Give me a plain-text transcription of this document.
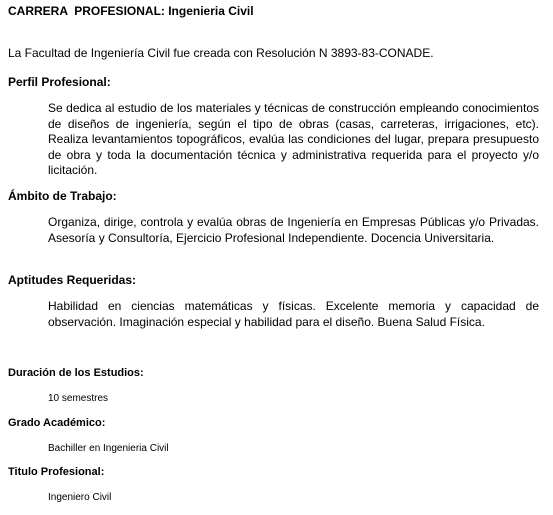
CARRERA  PROFESIONAL: Ingenieria Civil
La Facultad de Ingeniería Civil fue creada con Resolución N 3893-83-CONADE.
Perfil Profesional:
Se dedica al estudio de los materiales y técnicas de construcción empleando conocimientos de diseños de ingeniería, según el tipo de obras (casas, carreteras, irrigaciones, etc). Realiza levantamientos topográficos, evalúa las condiciones del lugar, prepara presupuesto de obra y toda la documentación técnica y administrativa requerida para el proyecto y/o licitación.
Ámbito de Trabajo:
Organiza, dirige, controla y evalúa obras de Ingeniería en Empresas Públicas y/o Privadas. Asesoría y Consultoría, Ejercicio Profesional Independiente. Docencia Universitaria.
Aptitudes Requeridas:
Habilidad en ciencias matemáticas y físicas. Excelente memoria y capacidad de observación. Imaginación especial y habilidad para el diseño. Buena Salud Física.
Duración de los Estudios:
10 semestres
Grado Académico:
Bachiller en Ingenieria Civil
Titulo Profesional:
Ingeniero Civil
